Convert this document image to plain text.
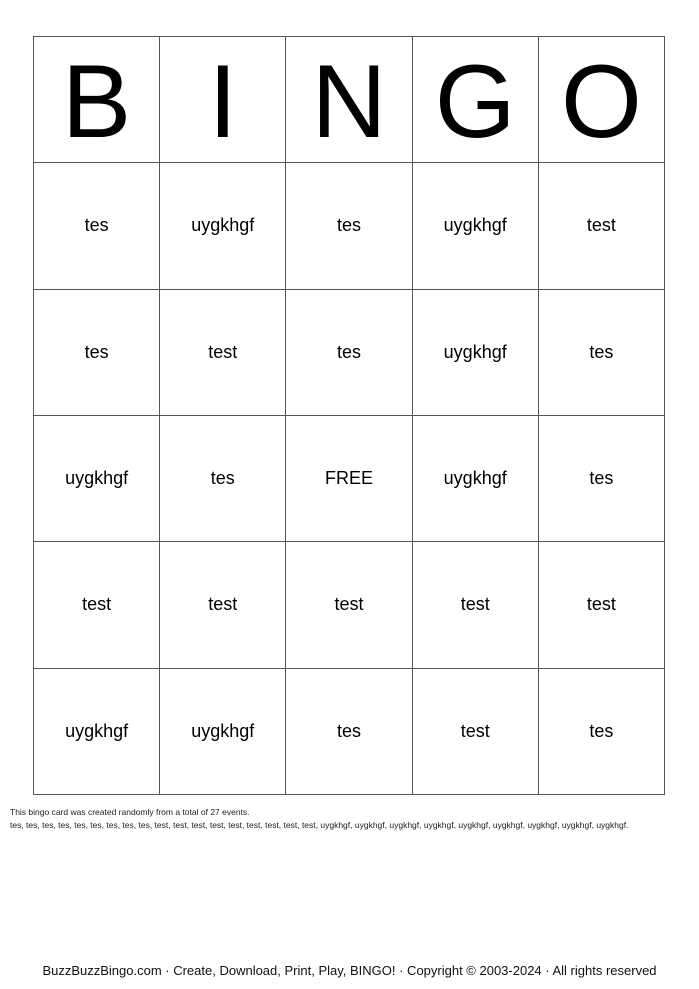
B I N G O
tes	uygkhgf	tes	uygkhgf	test
tes	test	tes	uygkhgf	tes
uygkhgf	tes	FREE	uygkhgf	tes
test	test	test	test	test
uygkhgf	uygkhgf	tes	test	tes
This bingo card was created randomly from a total of 27 events.
tes, tes, tes, tes, tes, tes, tes, tes, tes, test, test, test, test, test, test, test, test, test, uygkhgf, uygkhgf, uygkhgf, uygkhgf, uygkhgf, uygkhgf, uygkhgf, uygkhgf, uygkhgf.
BuzzBuzzBingo.com · Create, Download, Print, Play, BINGO! · Copyright © 2003-2024 · All rights reserved
